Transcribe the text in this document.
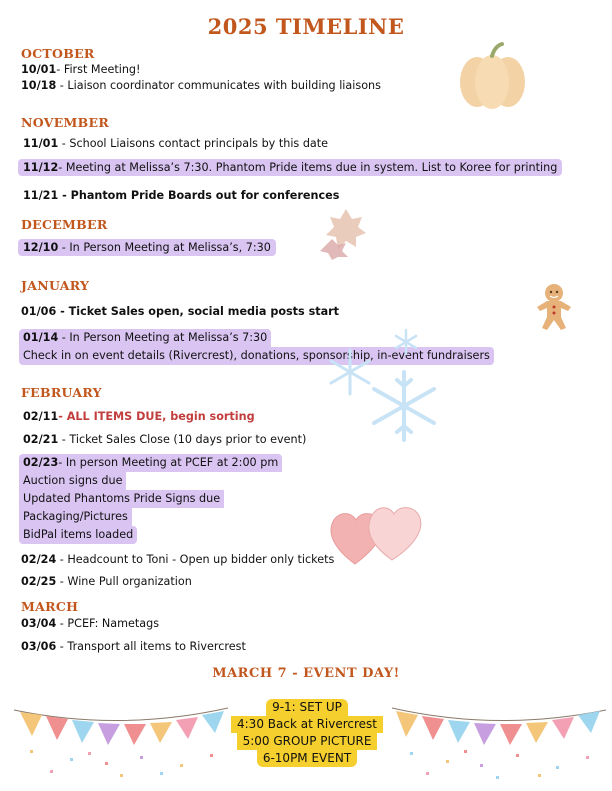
2025 TIMELINE
OCTOBER
10/01- First Meeting!
10/18 - Liaison coordinator communicates with building liaisons
NOVEMBER
11/01 - School Liaisons contact principals by this date
11/12- Meeting at Melissa’s 7:30. Phantom Pride items due in system. List to Koree for printing
11/21 - Phantom Pride Boards out for conferences
DECEMBER
12/10 - In Person Meeting at Melissa’s, 7:30
JANUARY
01/06 - Ticket Sales open, social media posts start
01/14 - In Person Meeting at Melissa’s 7:30
Check in on event details (Rivercrest), donations, sponsorship, in-event fundraisers
FEBRUARY
02/11- ALL ITEMS DUE, begin sorting
02/21 - Ticket Sales Close (10 days prior to event)
02/23- In person Meeting at PCEF at 2:00 pm
Auction signs due
Updated Phantoms Pride Signs due
Packaging/Pictures
BidPal items loaded
02/24 - Headcount to Toni - Open up bidder only tickets
02/25 - Wine Pull organization
MARCH
03/04 - PCEF: Nametags
03/06 - Transport all items to Rivercrest
MARCH 7 - EVENT DAY!
9-1: SET UP
4:30 Back at Rivercrest
5:00 GROUP PICTURE
6-10PM EVENT
